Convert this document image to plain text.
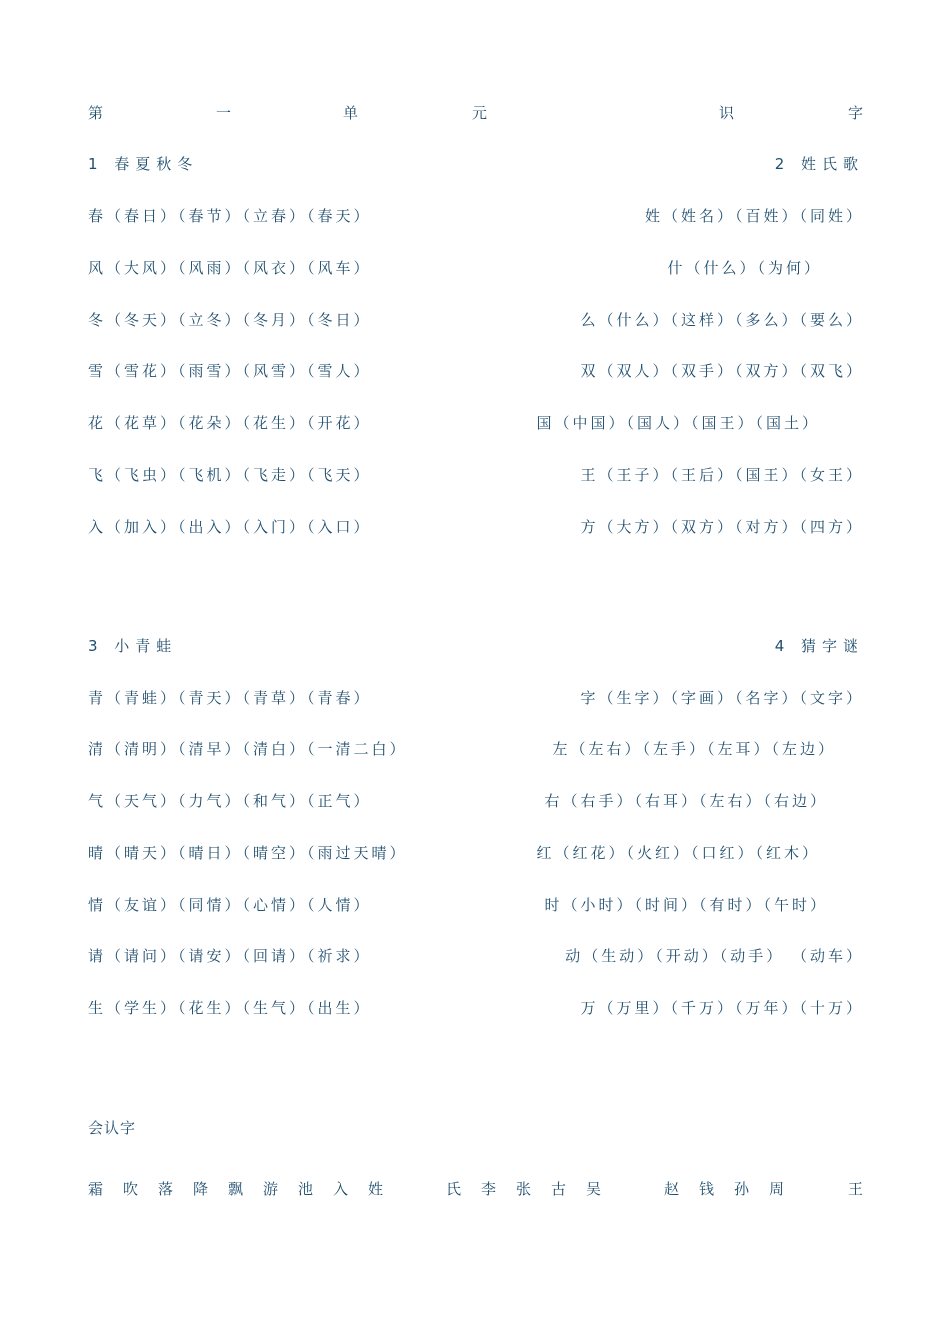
第	一	单	元	识	字
1 春夏秋冬	2 姓氏歌
春（春日）（春节）（立春）（春天）	姓（姓名）（百姓）（同姓）
风（大风）（风雨）（风衣）（风车）	什（什么）（为何）
冬（冬天）（立冬）（冬月）（冬日）	么（什么）（这样）（多么）（要么）
雪（雪花）（雨雪）（风雪）（雪人）	双（双人）（双手）（双方）（双飞）
花（花草）（花朵）（花生）（开花）	国（中国）（国人）（国王）（国土）
飞（飞虫）（飞机）（飞走）（飞天）	王（王子）（王后）（国王）（女王）
入（加入）（出入）（入门）（入口）	方（大方）（双方）（对方）（四方）
3 小青蛙	4 猜字谜
青（青蛙）（青天）（青草）（青春）	字（生字）（字画）（名字）（文字）
清（清明）（清早）（清白）（一清二白）	左（左右）（左手）（左耳）（左边）
气（天气）（力气）（和气）（正气）	右（右手）（右耳）（左右）（右边）
晴（晴天）（晴日）（晴空）（雨过天晴）	红（红花）（火红）（口红）（红木）
情（友谊）（同情）（心情）（人情）	时（小时）（时间）（有时）（午时）
请（请问）（请安）（回请）（祈求）	动（生动）（开动）（动手） （动车）
生（学生）（花生）（生气）（出生）	万（万里）（千万）（万年）（十万）
会认字
霜 吹 落 降 飘 游 池 入 姓	氏 李 张 古 吴	赵 钱 孙 周	王
